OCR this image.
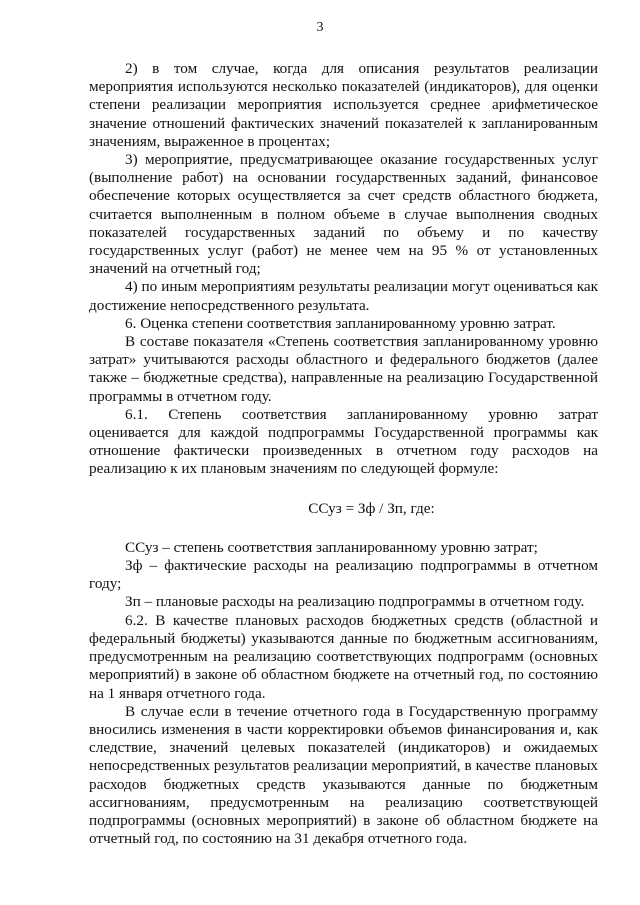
3

2) в том случае, когда для описания результатов реализации мероприятия используются несколько показателей (индикаторов), для оценки степени реализации мероприятия используется среднее арифметическое значение отношений фактических значений показателей к запланированным значениям, выраженное в процентах;

3) мероприятие, предусматривающее оказание государственных услуг (выполнение работ) на основании государственных заданий, финансовое обеспечение которых осуществляется за счет средств областного бюджета, считается выполненным в полном объеме в случае выполнения сводных показателей государственных заданий по объему и по качеству государственных услуг (работ) не менее чем на 95 % от установленных значений на отчетный год;

4) по иным мероприятиям результаты реализации могут оцениваться как достижение непосредственного результата.

6. Оценка степени соответствия запланированному уровню затрат.

В составе показателя «Степень соответствия запланированному уровню затрат» учитываются расходы областного и федерального бюджетов (далее также – бюджетные средства), направленные на реализацию Государственной программы в отчетном году.

6.1. Степень соответствия запланированному уровню затрат оценивается для каждой подпрограммы Государственной программы как отношение фактически произведенных в отчетном году расходов на реализацию к их плановым значениям по следующей формуле:

ССуз = Зф / Зп, где:

ССуз – степень соответствия запланированному уровню затрат;

Зф – фактические расходы на реализацию подпрограммы в отчетном году;

Зп – плановые расходы на реализацию подпрограммы в отчетном году.

6.2. В качестве плановых расходов бюджетных средств (областной и федеральный бюджеты) указываются данные по бюджетным ассигнованиям, предусмотренным на реализацию соответствующих подпрограмм (основных мероприятий) в законе об областном бюджете на отчетный год, по состоянию на 1 января отчетного года.

В случае если в течение отчетного года в Государственную программу вносились изменения в части корректировки объемов финансирования и, как следствие, значений целевых показателей (индикаторов) и ожидаемых непосредственных результатов реализации мероприятий, в качестве плановых расходов бюджетных средств указываются данные по бюджетным ассигнованиям, предусмотренным на реализацию соответствующей подпрограммы (основных мероприятий) в законе об областном бюджете на отчетный год, по состоянию на 31 декабря отчетного года.
